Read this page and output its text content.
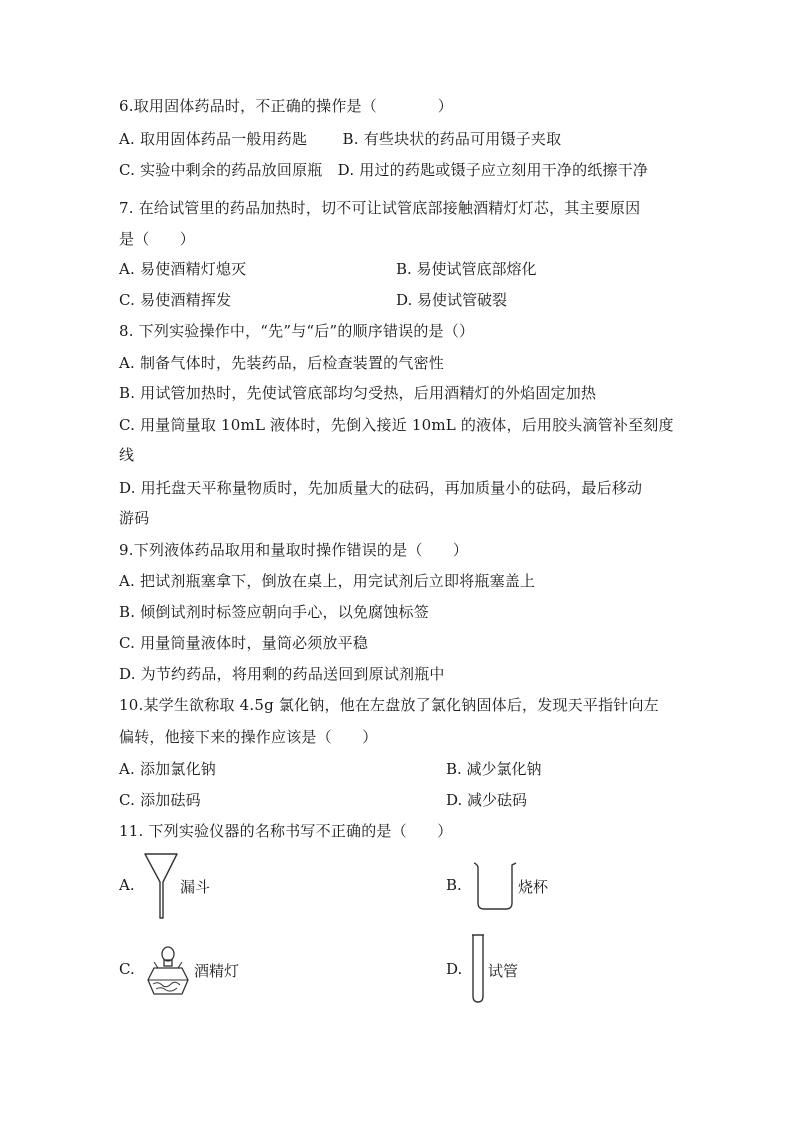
6.取用固体药品时，不正确的操作是（　　　　）
A. 取用固体药品一般用药匙　　 B. 有些块状的药品可用镊子夹取
C. 实验中剩余的药品放回原瓶　D. 用过的药匙或镊子应立刻用干净的纸擦干净
7. 在给试管里的药品加热时，切不可让试管底部接触酒精灯灯芯，其主要原因
是（　　）
A. 易使酒精灯熄灭	B. 易使试管底部熔化
C. 易使酒精挥发	D. 易使试管破裂
8. 下列实验操作中，“先”与“后”的顺序错误的是（）
A. 制备气体时，先装药品，后检查装置的气密性
B. 用试管加热时，先使试管底部均匀受热，后用酒精灯的外焰固定加热
C. 用量筒量取 10mL 液体时，先倒入接近 10mL 的液体，后用胶头滴管补至刻度
线
D. 用托盘天平称量物质时，先加质量大的砝码，再加质量小的砝码，最后移动
游码
9.下列液体药品取用和量取时操作错误的是（　　）
A. 把试剂瓶塞拿下，倒放在桌上，用完试剂后立即将瓶塞盖上
B. 倾倒试剂时标签应朝向手心，以免腐蚀标签
C. 用量筒量液体时，量筒必须放平稳
D. 为节约药品，将用剩的药品送回到原试剂瓶中
10.某学生欲称取 4.5g 氯化钠，他在左盘放了氯化钠固体后，发现天平指针向左
偏转，他接下来的操作应该是（　　）
A. 添加氯化钠	B. 减少氯化钠
C. 添加砝码	D. 减少砝码
11. 下列实验仪器的名称书写不正确的是（　　）
A.	漏斗	B.	烧杯
C.	酒精灯	D. 试管
